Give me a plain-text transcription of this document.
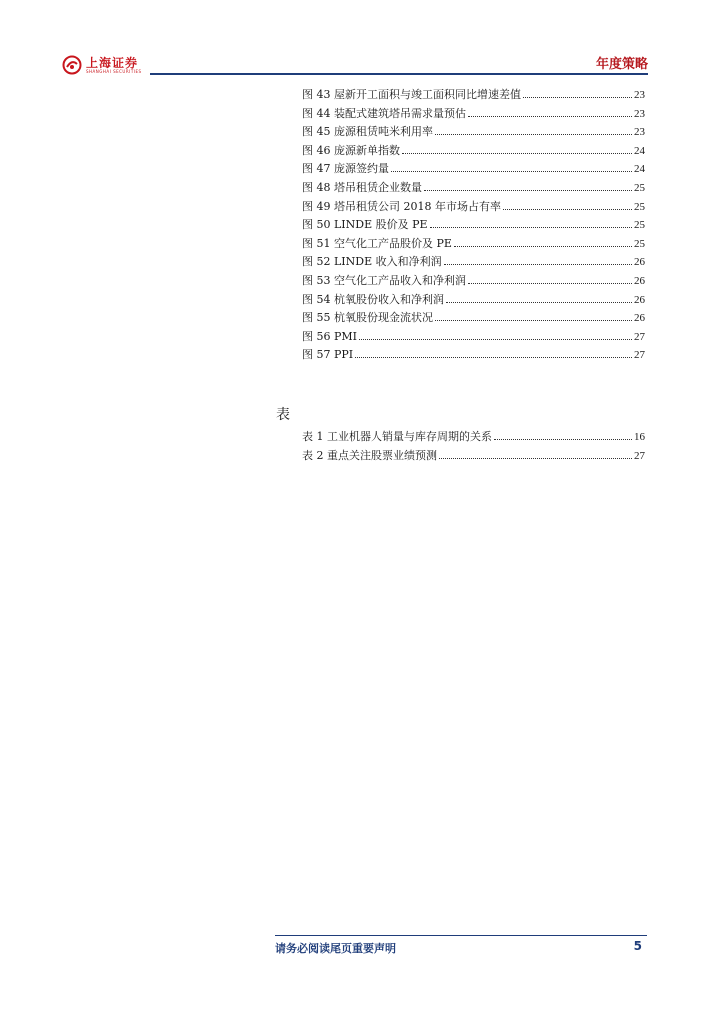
上海证券
SHANGHAI SECURITIES	年度策略
图 43 屋新开工面积与竣工面积同比增速差值	23
图 44 装配式建筑塔吊需求量预估	23
图 45 庞源租赁吨米利用率	23
图 46 庞源新单指数	24
图 47 庞源签约量	24
图 48 塔吊租赁企业数量	25
图 49 塔吊租赁公司 2018 年市场占有率	25
图 50 LINDE 股价及 PE	25
图 51 空气化工产品股价及 PE	25
图 52 LINDE 收入和净利润	26
图 53 空气化工产品收入和净利润	26
图 54 杭氧股份收入和净利润	26
图 55 杭氧股份现金流状况	26
图 56 PMI	27
图 57 PPI	27
表
表 1 工业机器人销量与库存周期的关系	16
表 2 重点关注股票业绩预测	27
请务必阅读尾页重要声明	5
